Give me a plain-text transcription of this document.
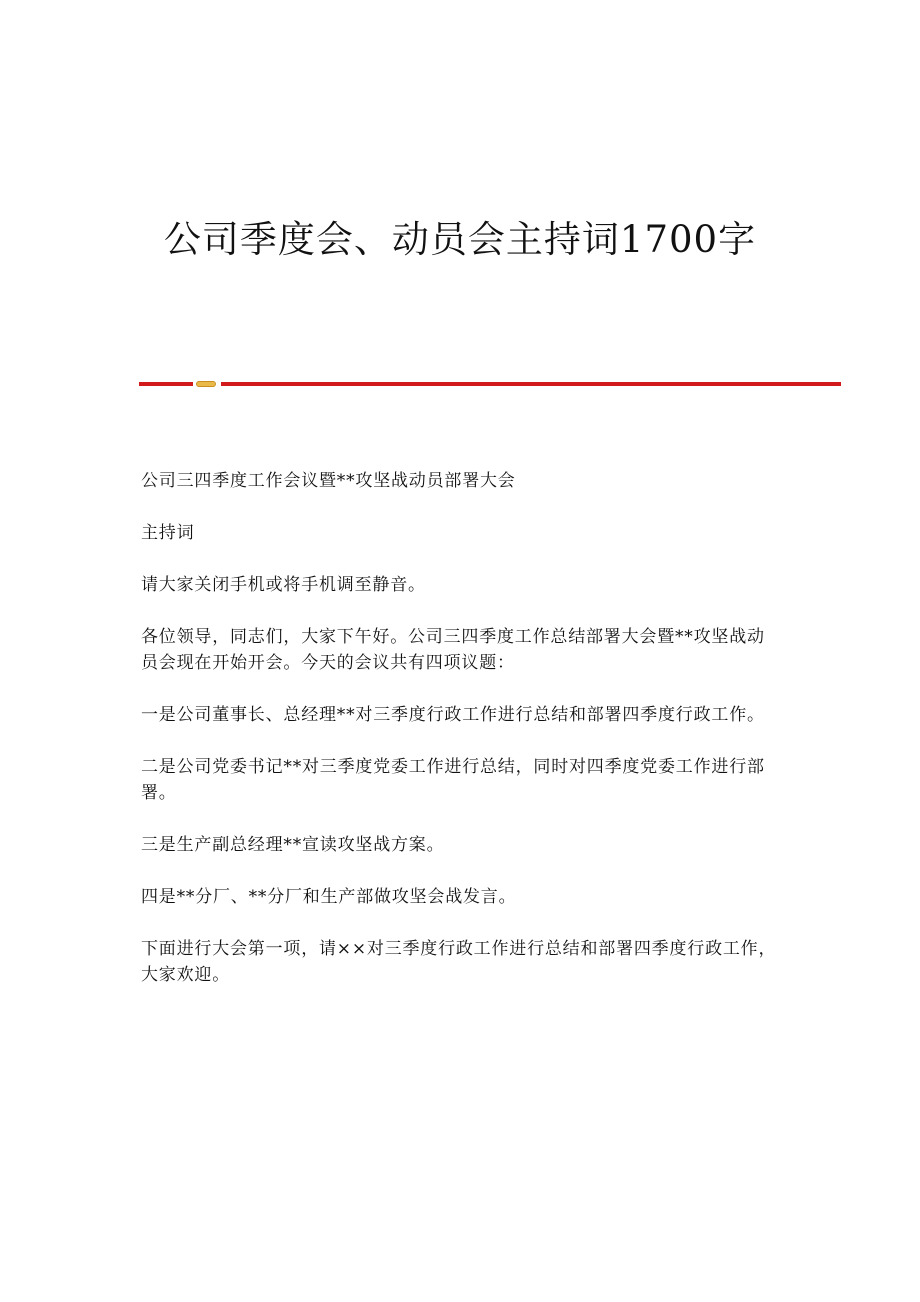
公司季度会、动员会主持词1700字

公司三四季度工作会议暨**攻坚战动员部署大会

主持词

请大家关闭手机或将手机调至静音。

各位领导，同志们，大家下午好。公司三四季度工作总结部署大会暨**攻坚战动员会现在开始开会。今天的会议共有四项议题：

一是公司董事长、总经理**对三季度行政工作进行总结和部署四季度行政工作。

二是公司党委书记**对三季度党委工作进行总结，同时对四季度党委工作进行部署。

三是生产副总经理**宣读攻坚战方案。

四是**分厂、**分厂和生产部做攻坚会战发言。

下面进行大会第一项，请××对三季度行政工作进行总结和部署四季度行政工作，大家欢迎。
